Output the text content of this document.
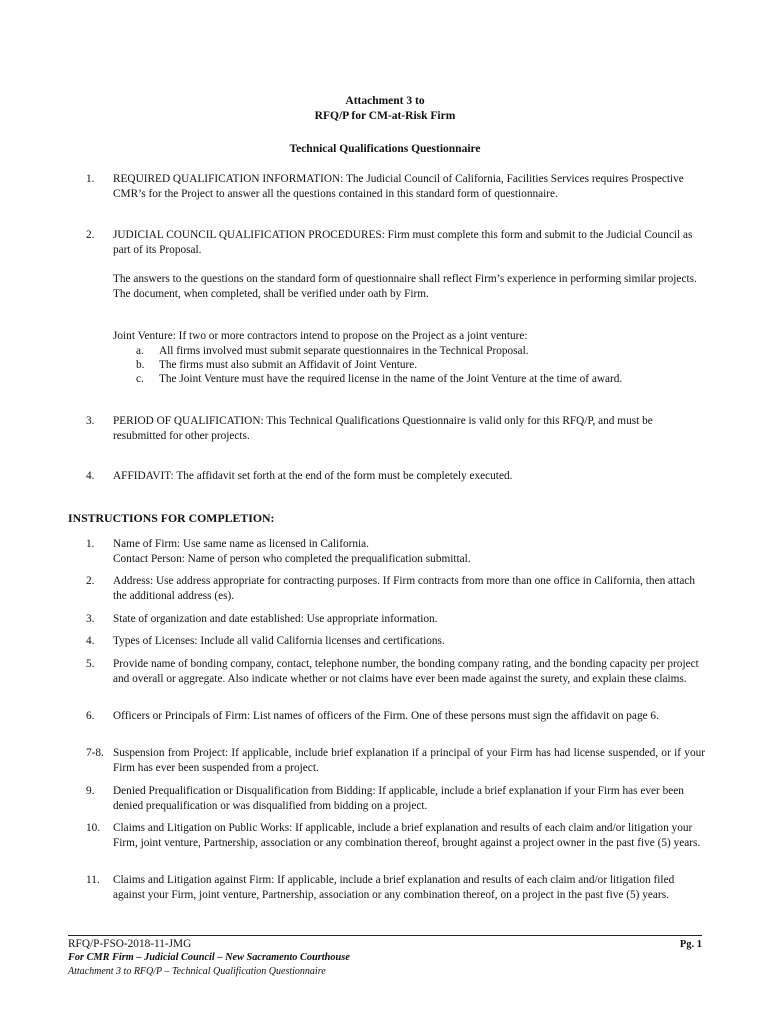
Attachment 3 to
RFQ/P for CM-at-Risk Firm
Technical Qualifications Questionnaire
1. REQUIRED QUALIFICATION INFORMATION: The Judicial Council of California, Facilities Services requires Prospective CMR’s for the Project to answer all the questions contained in this standard form of questionnaire.
2. JUDICIAL COUNCIL QUALIFICATION PROCEDURES: Firm must complete this form and submit to the Judicial Council as part of its Proposal.
The answers to the questions on the standard form of questionnaire shall reflect Firm’s experience in performing similar projects. The document, when completed, shall be verified under oath by Firm.
Joint Venture: If two or more contractors intend to propose on the Project as a joint venture:
a. All firms involved must submit separate questionnaires in the Technical Proposal.
b. The firms must also submit an Affidavit of Joint Venture.
c. The Joint Venture must have the required license in the name of the Joint Venture at the time of award.
3. PERIOD OF QUALIFICATION: This Technical Qualifications Questionnaire is valid only for this RFQ/P, and must be resubmitted for other projects.
4. AFFIDAVIT: The affidavit set forth at the end of the form must be completely executed.
INSTRUCTIONS FOR COMPLETION:
1. Name of Firm: Use same name as licensed in California.

Contact Person: Name of person who completed the prequalification submittal.

2. Address: Use address appropriate for contracting purposes. If Firm contracts from more than one office in California, then attach the additional address (es).
3. State of organization and date established: Use appropriate information.
4. Types of Licenses: Include all valid California licenses and certifications.
5. Provide name of bonding company, contact, telephone number, the bonding company rating, and the bonding capacity per project and overall or aggregate. Also indicate whether or not claims have ever been made against the surety, and explain these claims.
6. Officers or Principals of Firm: List names of officers of the Firm. One of these persons must sign the affidavit on page 6.
7-8. Suspension from Project: If applicable, include brief explanation if a principal of your Firm has had license suspended, or if your Firm has ever been suspended from a project.
9. Denied Prequalification or Disqualification from Bidding: If applicable, include a brief explanation if your Firm has ever been denied prequalification or was disqualified from bidding on a project.
10. Claims and Litigation on Public Works: If applicable, include a brief explanation and results of each claim and/or litigation your Firm, joint venture, Partnership, association or any combination thereof, brought against a project owner in the past five (5) years.
11. Claims and Litigation against Firm: If applicable, include a brief explanation and results of each claim and/or litigation filed against your Firm, joint venture, Partnership, association or any combination thereof, on a project in the past five (5) years.
RFQ/P-FSO-2018-11-JMG	Pg. 1
For CMR Firm – Judicial Council – New Sacramento Courthouse
Attachment 3 to RFQ/P – Technical Qualification Questionnaire
